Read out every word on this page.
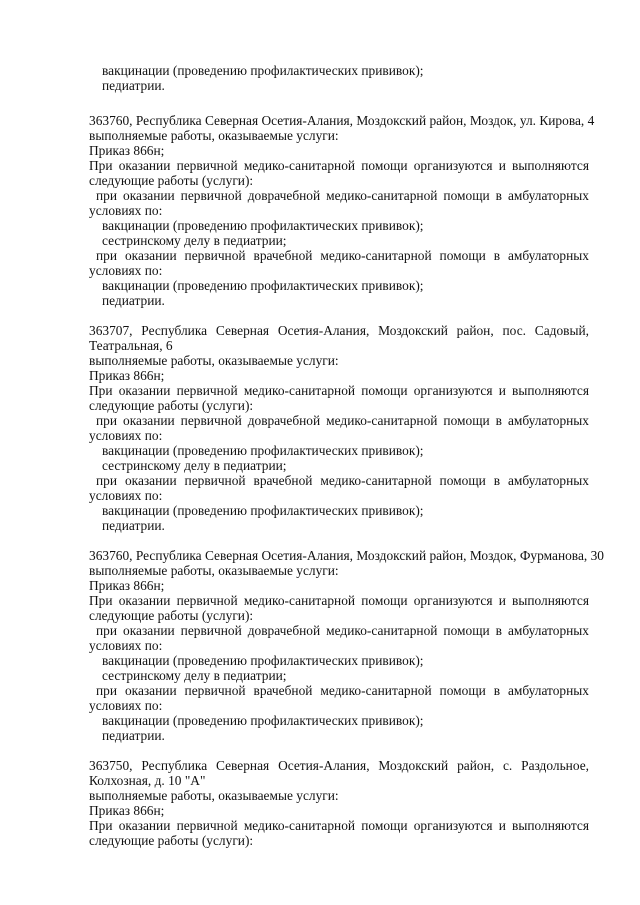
вакцинации (проведению профилактических прививок);
педиатрии.
363760, Республика Северная Осетия-Алания, Моздокский район, Моздок, ул. Кирова, 4
выполняемые работы, оказываемые услуги:
Приказ 866н;
При оказании первичной медико-санитарной помощи организуются и выполняются
следующие работы (услуги):
при оказании первичной доврачебной медико-санитарной помощи в амбулаторных
условиях по:
вакцинации (проведению профилактических прививок);
сестринскому делу в педиатрии;
при оказании первичной врачебной медико-санитарной помощи в амбулаторных
условиях по:
вакцинации (проведению профилактических прививок);
педиатрии.
363707, Республика Северная Осетия-Алания, Моздокский район, пос. Садовый,
Театральная, 6
выполняемые работы, оказываемые услуги:
Приказ 866н;
При оказании первичной медико-санитарной помощи организуются и выполняются
следующие работы (услуги):
при оказании первичной доврачебной медико-санитарной помощи в амбулаторных
условиях по:
вакцинации (проведению профилактических прививок);
сестринскому делу в педиатрии;
при оказании первичной врачебной медико-санитарной помощи в амбулаторных
условиях по:
вакцинации (проведению профилактических прививок);
педиатрии.
363760, Республика Северная Осетия-Алания, Моздокский район, Моздок, Фурманова, 30
выполняемые работы, оказываемые услуги:
Приказ 866н;
При оказании первичной медико-санитарной помощи организуются и выполняются
следующие работы (услуги):
при оказании первичной доврачебной медико-санитарной помощи в амбулаторных
условиях по:
вакцинации (проведению профилактических прививок);
сестринскому делу в педиатрии;
при оказании первичной врачебной медико-санитарной помощи в амбулаторных
условиях по:
вакцинации (проведению профилактических прививок);
педиатрии.
363750, Республика Северная Осетия-Алания, Моздокский район, с. Раздольное,
Колхозная, д. 10 "А"
выполняемые работы, оказываемые услуги:
Приказ 866н;
При оказании первичной медико-санитарной помощи организуются и выполняются
следующие работы (услуги):
